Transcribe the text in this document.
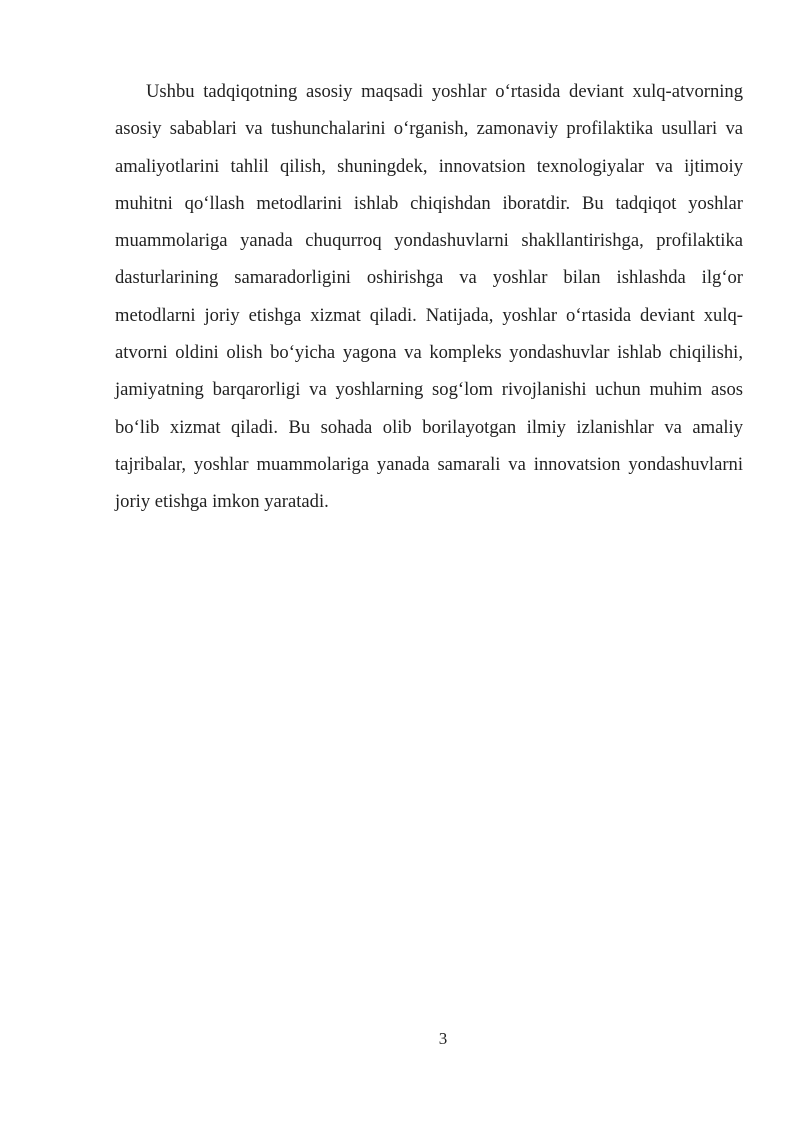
Ushbu tadqiqotning asosiy maqsadi yoshlar o‘rtasida deviant xulq-atvorning asosiy sabablari va tushunchalarini o‘rganish, zamonaviy profilaktika usullari va amaliyotlarini tahlil qilish, shuningdek, innovatsion texnologiyalar va ijtimoiy muhitni qo‘llash metodlarini ishlab chiqishdan iboratdir. Bu tadqiqot yoshlar muammolariga yanada chuqurroq yondashuvlarni shakllantirishga, profilaktika dasturlarining samaradorligini oshirishga va yoshlar bilan ishlashda ilg‘or metodlarni joriy etishga xizmat qiladi. Natijada, yoshlar o‘rtasida deviant xulq-atvorni oldini olish bo‘yicha yagona va kompleks yondashuvlar ishlab chiqilishi, jamiyatning barqarorligi va yoshlarning sog‘lom rivojlanishi uchun muhim asos bo‘lib xizmat qiladi. Bu sohada olib borilayotgan ilmiy izlanishlar va amaliy tajribalar, yoshlar muammolariga yanada samarali va innovatsion yondashuvlarni joriy etishga imkon yaratadi.

3
